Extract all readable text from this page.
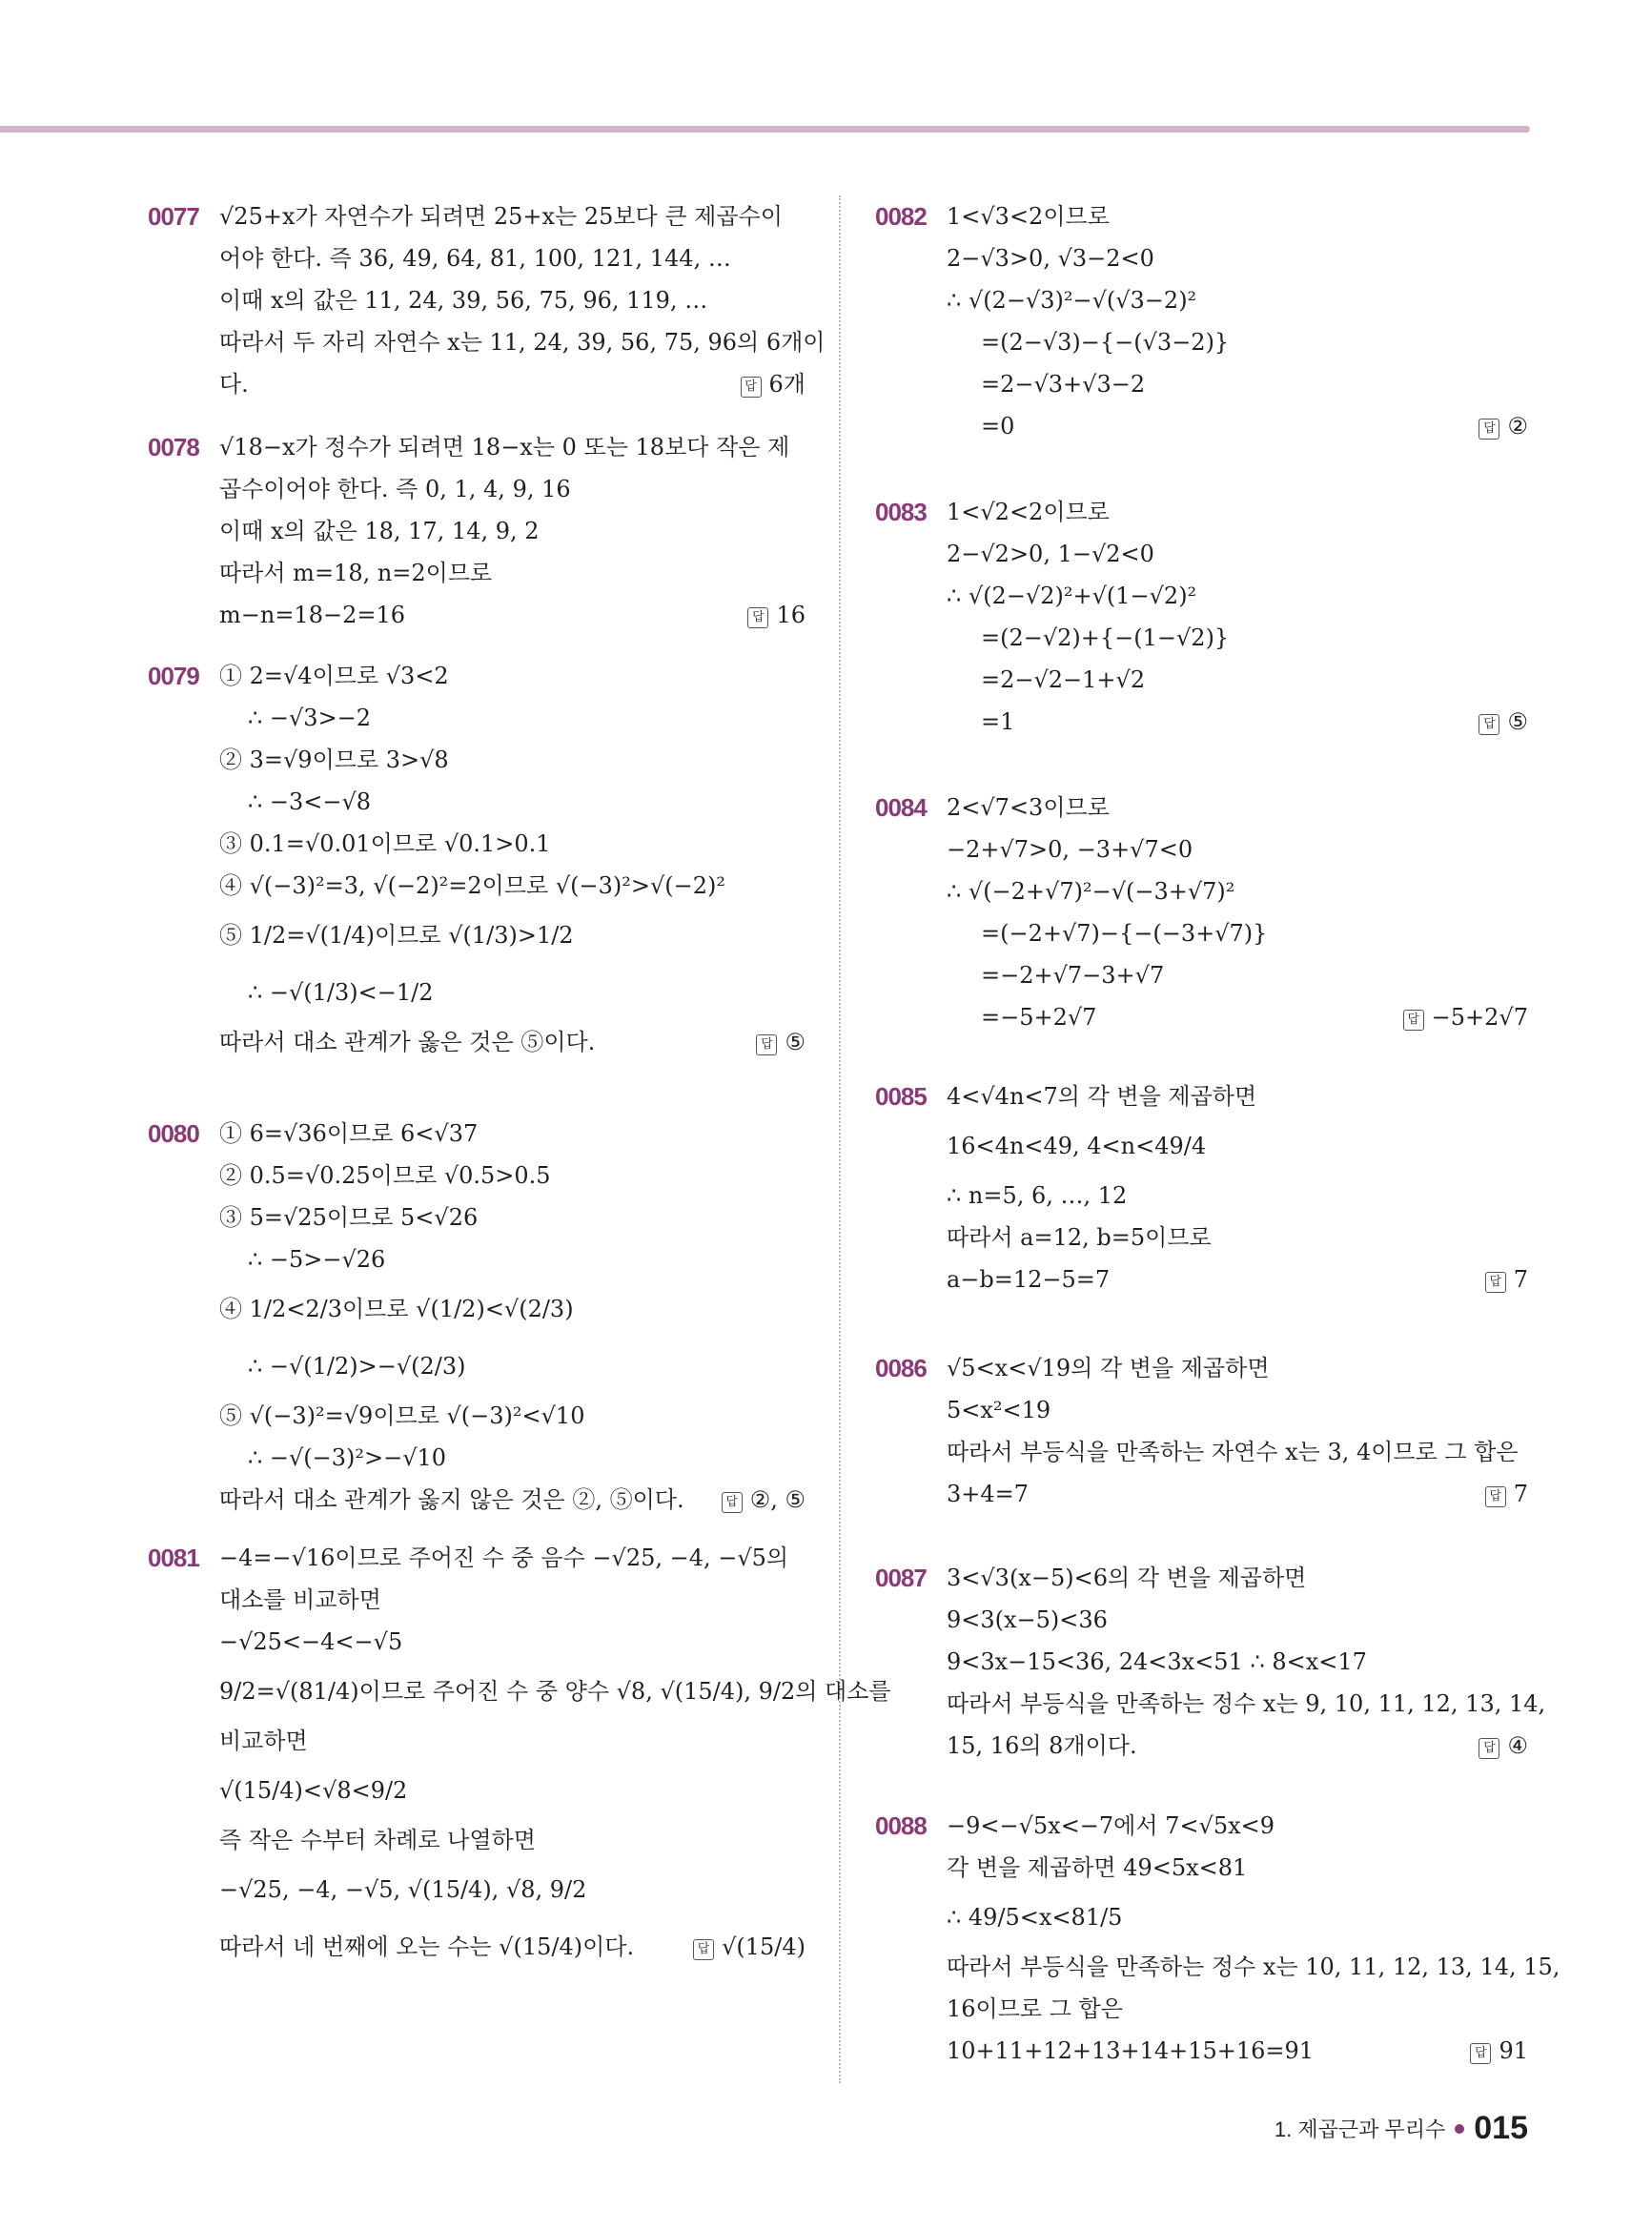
0077 √25+x가 자연수가 되려면 25+x는 25보다 큰 제곱수이
어야 한다. 즉 36, 49, 64, 81, 100, 121, 144, …
이때 x의 값은 11, 24, 39, 56, 75, 96, 119, …
따라서 두 자리 자연수 x는 11, 24, 39, 56, 75, 96의 6개이
다.	답 6개
0078 √18−x가 정수가 되려면 18−x는 0 또는 18보다 작은 제
곱수이어야 한다. 즉 0, 1, 4, 9, 16
이때 x의 값은 18, 17, 14, 9, 2
따라서 m=18, n=2이므로
m−n=18−2=16	답 16
0079 ① 2=√4이므로 √3<2
∴ −√3>−2
② 3=√9이므로 3>√8
∴ −3<−√8
③ 0.1=√0.01이므로 √0.1>0.1
④ √(−3)²=3, √(−2)²=2이므로 √(−3)²>√(−2)²
⑤ 1/2=√(1/4)이므로 √(1/3)>1/2
∴ −√(1/3)<−1/2
따라서 대소 관계가 옳은 것은 ⑤이다.	답 ⑤
0080 ① 6=√36이므로 6<√37
② 0.5=√0.25이므로 √0.5>0.5
③ 5=√25이므로 5<√26
∴ −5>−√26
④ 1/2<2/3이므로 √(1/2)<√(2/3)
∴ −√(1/2)>−√(2/3)
⑤ √(−3)²=√9이므로 √(−3)²<√10
∴ −√(−3)²>−√10
따라서 대소 관계가 옳지 않은 것은 ②, ⑤이다.	답 ②, ⑤
0081 −4=−√16이므로 주어진 수 중 음수 −√25, −4, −√5의
대소를 비교하면
−√25<−4<−√5
9/2=√(81/4)이므로 주어진 수 중 양수 √8, √(15/4), 9/2의 대소를
비교하면
√(15/4)<√8<9/2
즉 작은 수부터 차례로 나열하면
−√25, −4, −√5, √(15/4), √8, 9/2
따라서 네 번째에 오는 수는 √(15/4)이다.	답 √(15/4)
0082 1<√3<2이므로
2−√3>0, √3−2<0
∴ √(2−√3)²−√(√3−2)²
=(2−√3)−{−(√3−2)}
=2−√3+√3−2
=0	답 ②
0083 1<√2<2이므로
2−√2>0, 1−√2<0
∴ √(2−√2)²+√(1−√2)²
=(2−√2)+{−(1−√2)}
=2−√2−1+√2
=1	답 ⑤
0084 2<√7<3이므로
−2+√7>0, −3+√7<0
∴ √(−2+√7)²−√(−3+√7)²
=(−2+√7)−{−(−3+√7)}
=−2+√7−3+√7
=−5+2√7	답 −5+2√7
0085 4<√4n<7의 각 변을 제곱하면
16<4n<49, 4<n<49/4
∴ n=5, 6, …, 12
따라서 a=12, b=5이므로
a−b=12−5=7	답 7
0086 √5<x<√19의 각 변을 제곱하면
5<x²<19
따라서 부등식을 만족하는 자연수 x는 3, 4이므로 그 합은
3+4=7	답 7
0087 3<√3(x−5)<6의 각 변을 제곱하면
9<3(x−5)<36
9<3x−15<36, 24<3x<51 ∴ 8<x<17
따라서 부등식을 만족하는 정수 x는 9, 10, 11, 12, 13, 14,
15, 16의 8개이다.	답 ④
0088 −9<−√5x<−7에서 7<√5x<9
각 변을 제곱하면 49<5x<81
∴ 49/5<x<81/5
따라서 부등식을 만족하는 정수 x는 10, 11, 12, 13, 14, 15,
16이므로 그 합은
10+11+12+13+14+15+16=91	답 91
1. 제곱근과 무리수 015
